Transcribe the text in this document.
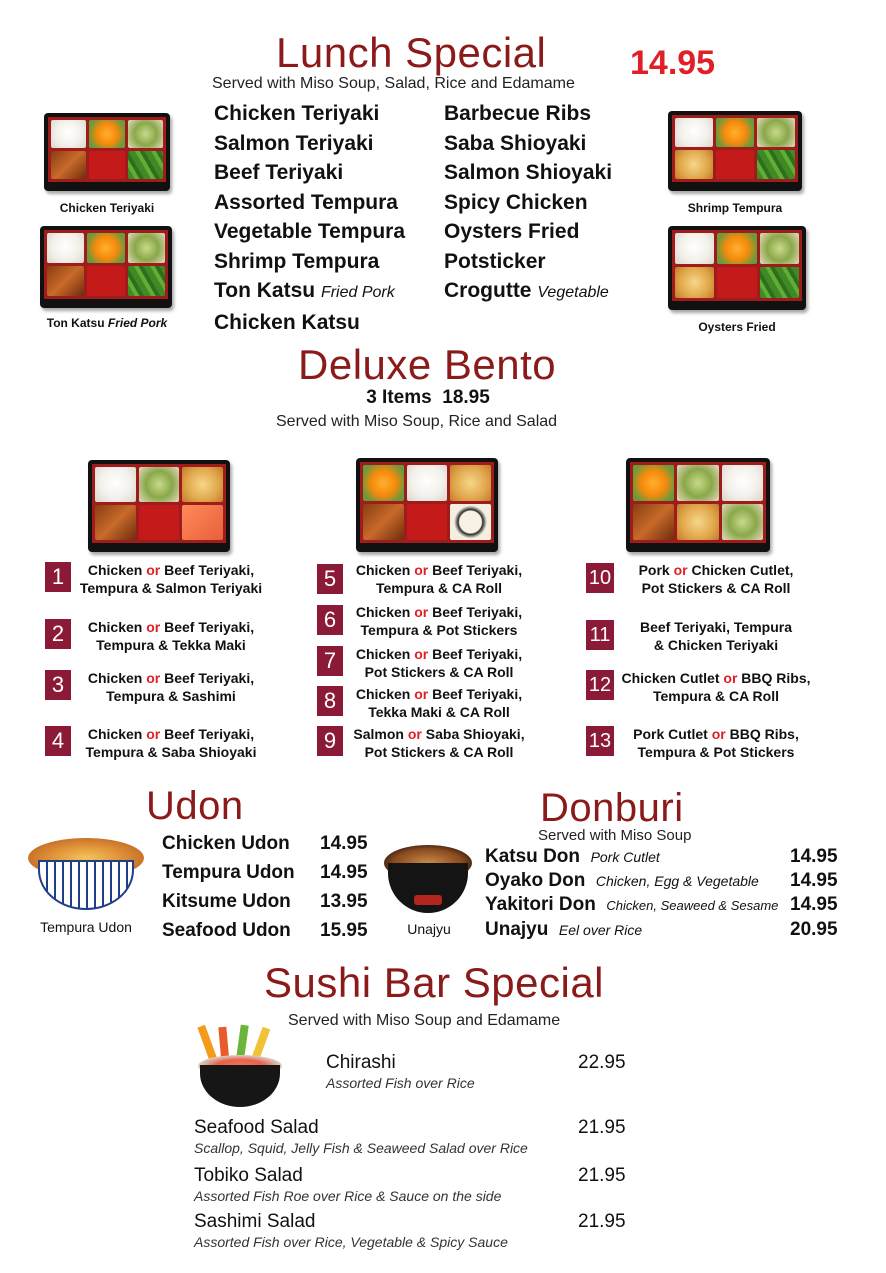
Lunch Special 14.95
Served with Miso Soup, Salad, Rice and Edamame
Chicken Teriyaki
Salmon Teriyaki
Beef Teriyaki
Assorted Tempura
Vegetable Tempura
Shrimp Tempura
Ton Katsu Fried Pork
Chicken Katsu
Barbecue Ribs
Saba Shioyaki
Salmon Shioyaki
Spicy Chicken
Oysters Fried
Potsticker
Crogutte Vegetable
Chicken Teriyaki
Ton Katsu Fried Pork
Shrimp Tempura
Oysters Fried
Deluxe Bento
3 Items 18.95
Served with Miso Soup, Rice and Salad
1	Chicken or Beef Teriyaki,
Tempura & Salmon Teriyaki
2	Chicken or Beef Teriyaki,
Tempura & Tekka Maki
3	Chicken or Beef Teriyaki,
Tempura & Sashimi
4	Chicken or Beef Teriyaki,
Tempura & Saba Shioyaki
5	Chicken or Beef Teriyaki,
Tempura & CA Roll
6	Chicken or Beef Teriyaki,
Tempura & Pot Stickers
7	Chicken or Beef Teriyaki,
Pot Stickers & CA Roll
8	Chicken or Beef Teriyaki,
Tekka Maki & CA Roll
9	Salmon or Saba Shioyaki,
Pot Stickers & CA Roll
10	Pork or Chicken Cutlet,
Pot Stickers & CA Roll
11	Beef Teriyaki, Tempura
& Chicken Teriyaki
12 Chicken Cutlet or BBQ Ribs,
Tempura & CA Roll
13	Pork Cutlet or BBQ Ribs,
Tempura & Pot Stickers
Udon
Tempura Udon
Chicken Udon 14.95
Tempura Udon 14.95
Kitsume Udon 13.95
Seafood Udon 15.95
Donburi
Served with Miso Soup
Unajyu
Katsu Don Pork Cutlet	14.95
Oyako Don Chicken, Egg & Vegetable 14.95
Yakitori Don Chicken, Seaweed & Sesame 14.95
Unajyu Eel over Rice	20.95
Sushi Bar Special
Served with Miso Soup and Edamame
Chirashi
Assorted Fish over Rice
22.95
Seafood Salad
Scallop, Squid, Jelly Fish & Seaweed Salad over Rice
21.95
Tobiko Salad
Assorted Fish Roe over Rice & Sauce on the side
21.95
Sashimi Salad
Assorted Fish over Rice, Vegetable & Spicy Sauce
21.95
